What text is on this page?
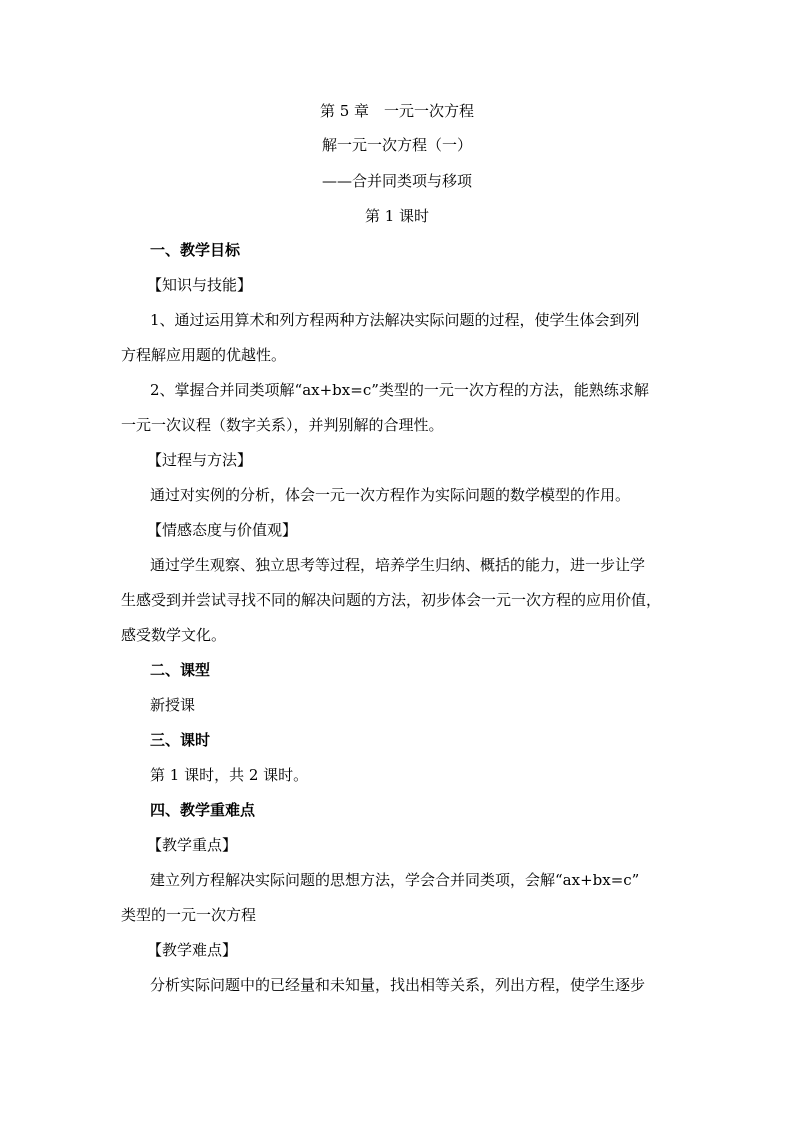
第 5 章　一元一次方程
解一元一次方程（一）
——合并同类项与移项
第 1 课时
一、教学目标
【知识与技能】
1、通过运用算术和列方程两种方法解决实际问题的过程，使学生体会到列
方程解应用题的优越性。
2、掌握合并同类项解“ax+bx=c”类型的一元一次方程的方法，能熟练求解
一元一次议程（数字关系），并判别解的合理性。
【过程与方法】
通过对实例的分析，体会一元一次方程作为实际问题的数学模型的作用。
【情感态度与价值观】
通过学生观察、独立思考等过程，培养学生归纳、概括的能力，进一步让学
生感受到并尝试寻找不同的解决问题的方法，初步体会一元一次方程的应用价值，
感受数学文化。
二、课型
新授课
三、课时
第 1 课时，共 2 课时。
四、教学重难点
【教学重点】
建立列方程解决实际问题的思想方法，学会合并同类项，会解“ax+bx=c”
类型的一元一次方程
【教学难点】
分析实际问题中的已经量和未知量，找出相等关系，列出方程，使学生逐步
